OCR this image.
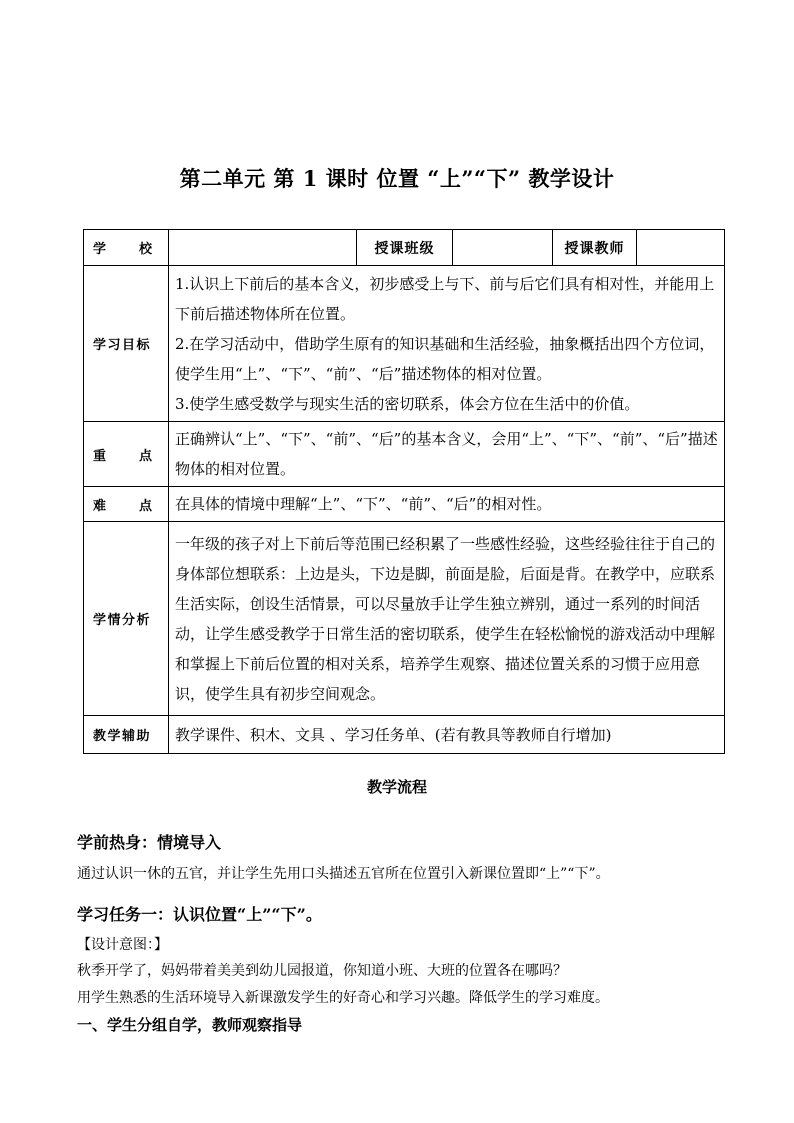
第二单元 第 1 课时 位置 “上”“下” 教学设计
学 校		授课班级		授课教师	

学习目标	1.认识上下前后的基本含义，初步感受上与下、前与后它们具有相对性，并能用上下前后描述物体所在位置。

2.在学习活动中，借助学生原有的知识基础和生活经验，抽象概括出四个方位词，使学生用“上”、“下”、“前”、“后”描述物体的相对位置。

3.使学生感受数学与现实生活的密切联系，体会方位在生活中的价值。				

重 点	正确辨认“上”、“下”、“前”、“后”的基本含义，会用“上”、“下”、“前”、“后”描述物体的相对位置。				

难 点	在具体的情境中理解“上”、“下”、“前”、“后”的相对性。				

学情分析	一年级的孩子对上下前后等范围已经积累了一些感性经验，这些经验往往于自己的身体部位想联系：上边是头，下边是脚，前面是脸，后面是背。在教学中，应联系生活实际，创设生活情景，可以尽量放手让学生独立辨别，通过一系列的时间活动，让学生感受教学于日常生活的密切联系，使学生在轻松愉悦的游戏活动中理解和掌握上下前后位置的相对关系，培养学生观察、描述位置关系的习惯于应用意识，使学生具有初步空间观念。				

教学辅助	教学课件、积木、文具 、学习任务单、(若有教具等教师自行增加)				
教学流程
学前热身：情境导入
通过认识一休的五官，并让学生先用口头描述五官所在位置引入新课位置即“上”“下”。
学习任务一：认识位置“上”“下”。
【设计意图：】
秋季开学了，妈妈带着美美到幼儿园报道，你知道小班、大班的位置各在哪吗？
用学生熟悉的生活环境导入新课激发学生的好奇心和学习兴趣。降低学生的学习难度。
一、学生分组自学，教师观察指导
